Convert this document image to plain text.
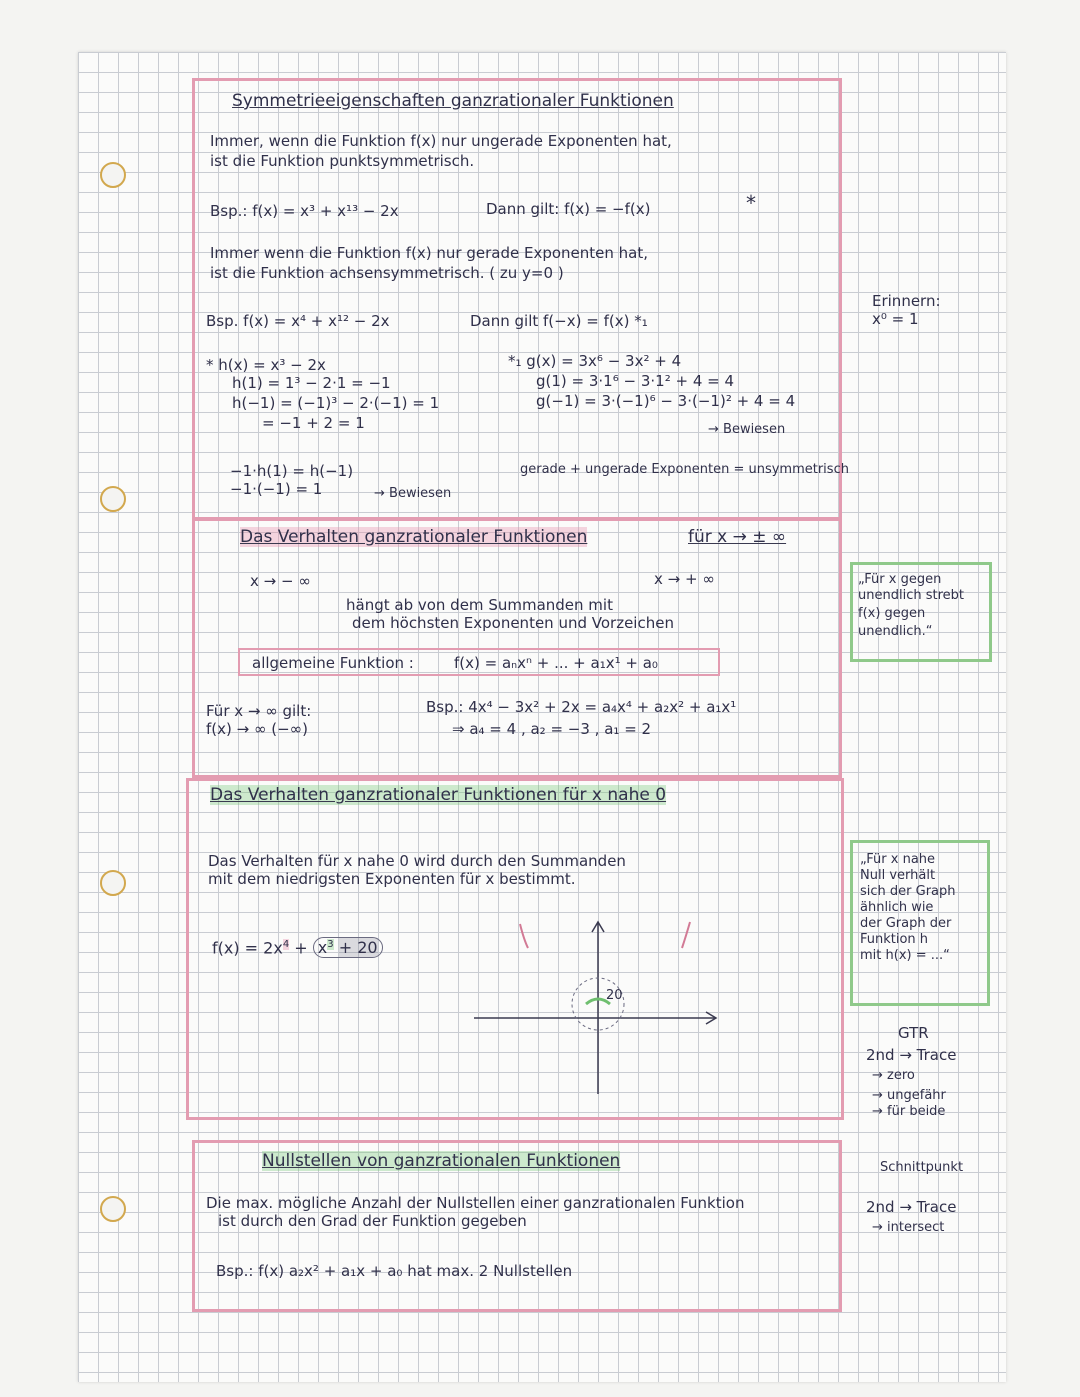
Symmetrieeigenschaften ganzrationaler Funktionen
Immer, wenn die Funktion f(x) nur ungerade Exponenten hat,
ist die Funktion punktsymmetrisch.
Bsp.: f(x) = x³ + x¹³ − 2x	Dann gilt: f(x) = −f(x)	*
Immer wenn die Funktion f(x) nur gerade Exponenten hat,
ist die Funktion achsensymmetrisch. ( zu y=0 )
Bsp. f(x) = x⁴ + x¹² − 2x	Dann gilt f(−x) = f(x) *₁
* h(x) = x³ − 2x
h(1) = 1³ − 2·1 = −1
h(−1) = (−1)³ − 2·(−1) = 1
= −1 + 2 = 1
*₁ g(x) = 3x⁶ − 3x² + 4
g(1) = 3·1⁶ − 3·1² + 4 = 4
g(−1) = 3·(−1)⁶ − 3·(−1)² + 4 = 4
→ Bewiesen
−1·h(1) = h(−1)
−1·(−1) = 1	→ Bewiesen
gerade + ungerade Exponenten = unsymmetrisch
Erinnern:
x⁰ = 1
Das Verhalten ganzrationaler Funktionen	für x → ± ∞
x → − ∞	x → + ∞
hängt ab von dem Summanden mit
dem höchsten Exponenten und Vorzeichen
allgemeine Funktion :	f(x) = aₙxⁿ + ... + a₁x¹ + a₀
Für x → ∞ gilt:
f(x) → ∞ (−∞)
Bsp.: 4x⁴ − 3x² + 2x = a₄x⁴ + a₂x² + a₁x¹
⇒ a₄ = 4 , a₂ = −3 , a₁ = 2
„Für x gegen
unendlich strebt
f(x) gegen
unendlich.“
Das Verhalten ganzrationaler Funktionen für x nahe 0
Das Verhalten für x nahe 0 wird durch den Summanden
mit dem niedrigsten Exponenten für x bestimmt.
$f(x) = 2x^4 + x^3 + 20$
20
„Für x nahe
Null verhält
sich der Graph
ähnlich wie
der Graph der
Funktion h
mit h(x) = ...“
GTR
2nd → Trace
→ zero
→ ungefähr
→ für beide
Schnittpunkt
2nd → Trace
→ intersect
Nullstellen von ganzrationalen Funktionen
Die max. mögliche Anzahl der Nullstellen einer ganzrationalen Funktion
ist durch den Grad der Funktion gegeben
Bsp.: f(x) a₂x² + a₁x + a₀ hat max. 2 Nullstellen
